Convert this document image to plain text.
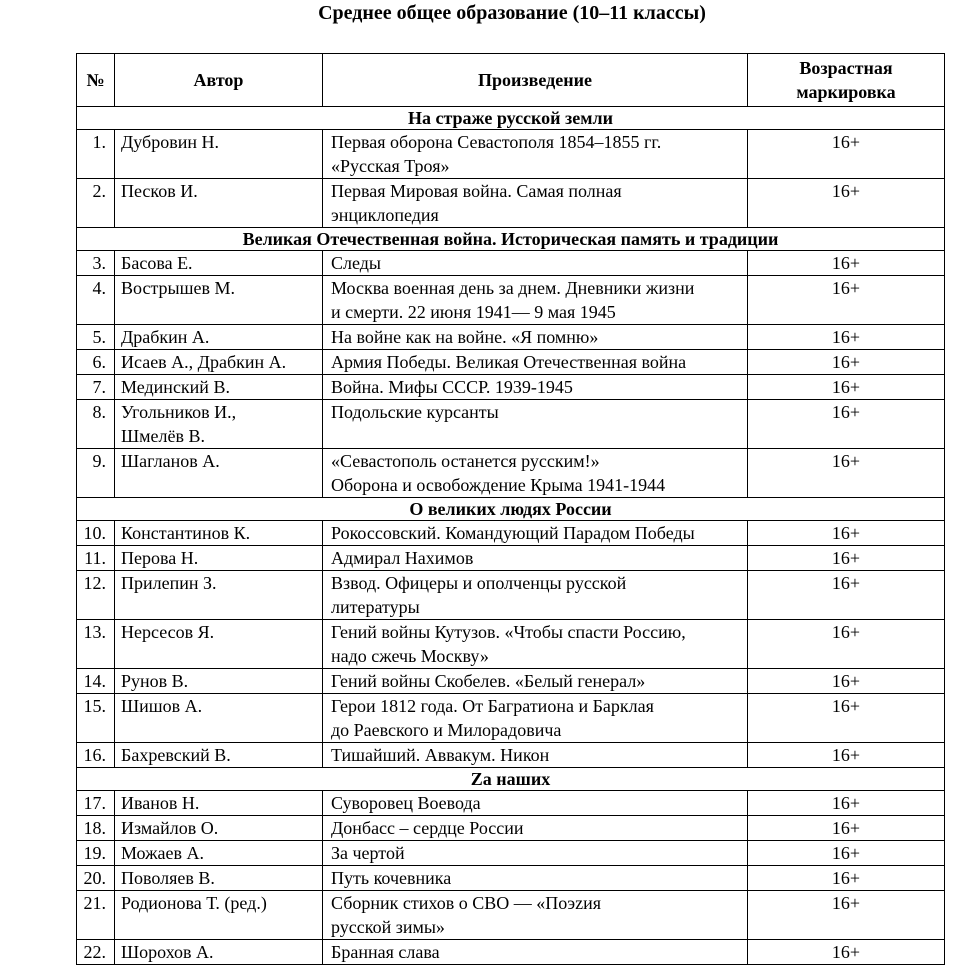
Среднее общее образование (10–11 классы)
№	Автор	Произведение	Возрастная
маркировка
На страже русской земли			
1.	Дубровин Н.	Первая оборона Севастополя 1854–1855 гг.
«Русская Троя»	16+
2.	Песков И.	Первая Мировая война. Самая полная
энциклопедия	16+
Великая Отечественная война. Историческая память и традиции			
3.	Басова Е.	Следы	16+
4.	Вострышев М.	Москва военная день за днем. Дневники жизни
и смерти. 22 июня 1941— 9 мая 1945	16+
5.	Драбкин А.	На войне как на войне. «Я помню»	16+
6.	Исаев А., Драбкин А.	Армия Победы. Великая Отечественная война	16+
7.	Мединский В.	Война. Мифы СССР. 1939-1945	16+
8.	Угольников И.,
Шмелёв В.	Подольские курсанты	16+
9.	Шагланов А.	«Севастополь останется русским!»
Оборона и освобождение Крыма 1941-1944	16+
О великих людях России			
10.	Константинов К.	Рокоссовский. Командующий Парадом Победы	16+
11.	Перова Н.	Адмирал Нахимов	16+
12.	Прилепин З.	Взвод. Офицеры и ополченцы русской
литературы	16+
13.	Нерсесов Я.	Гений войны Кутузов. «Чтобы спасти Россию,
надо сжечь Москву»	16+
14.	Рунов В.	Гений войны Скобелев. «Белый генерал»	16+
15.	Шишов А.	Герои 1812 года. От Багратиона и Барклая
до Раевского и Милорадовича	16+
16.	Бахревский В.	Тишайший. Аввакум. Никон	16+
Zа наших			
17.	Иванов Н.	Суворовец Воевода	16+
18.	Измайлов О.	Донбасс – сердце России	16+
19.	Можаев А.	За чертой	16+
20.	Поволяев В.	Путь кочевника	16+
21.	Родионова Т. (ред.)	Сборник стихов о СВО — «Поэzия
русской зимы»	16+
22.	Шорохов А.	Бранная слава	16+
